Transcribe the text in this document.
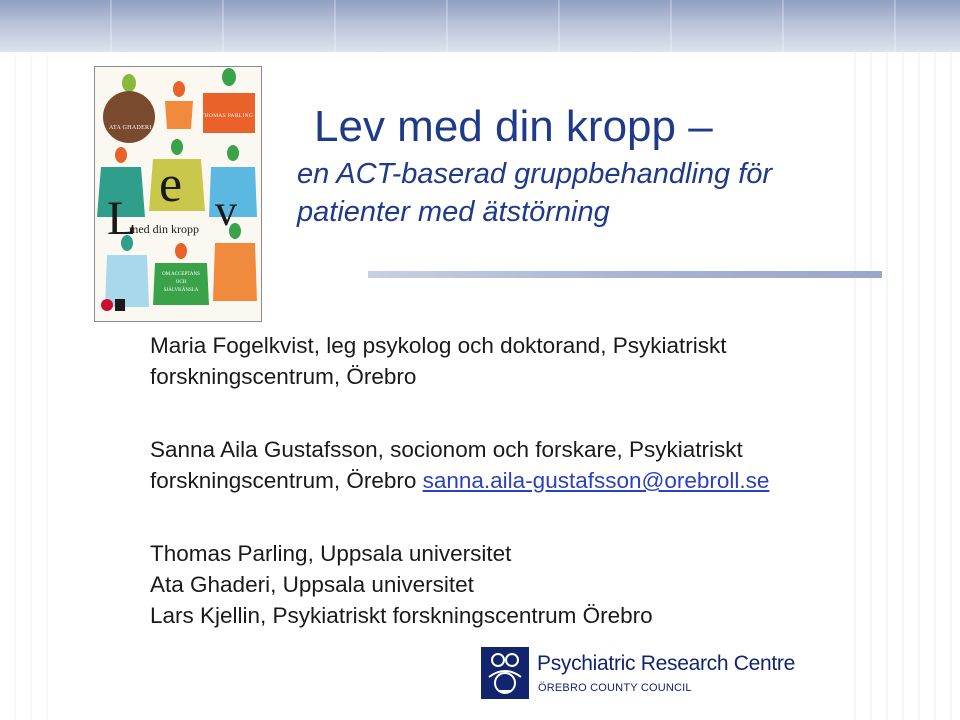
ATA GHADERI
THOMAS PARLING
L
e v
med din kropp
OM ACCEPTANS
OCH
SJÄLVKÄNSLA
Lev med din kropp –
en ACT-baserad gruppbehandling för
patienter med ätstörning
Maria Fogelkvist, leg psykolog och doktorand, Psykiatriskt
forskningscentrum, Örebro
Sanna Aila Gustafsson, socionom och forskare, Psykiatriskt
forskningscentrum, Örebro sanna.aila-gustafsson@orebroll.se
Thomas Parling, Uppsala universitet
Ata Ghaderi, Uppsala universitet
Lars Kjellin, Psykiatriskt forskningscentrum Örebro

Psychiatric Research Centre

ÖREBRO COUNTY COUNCIL
